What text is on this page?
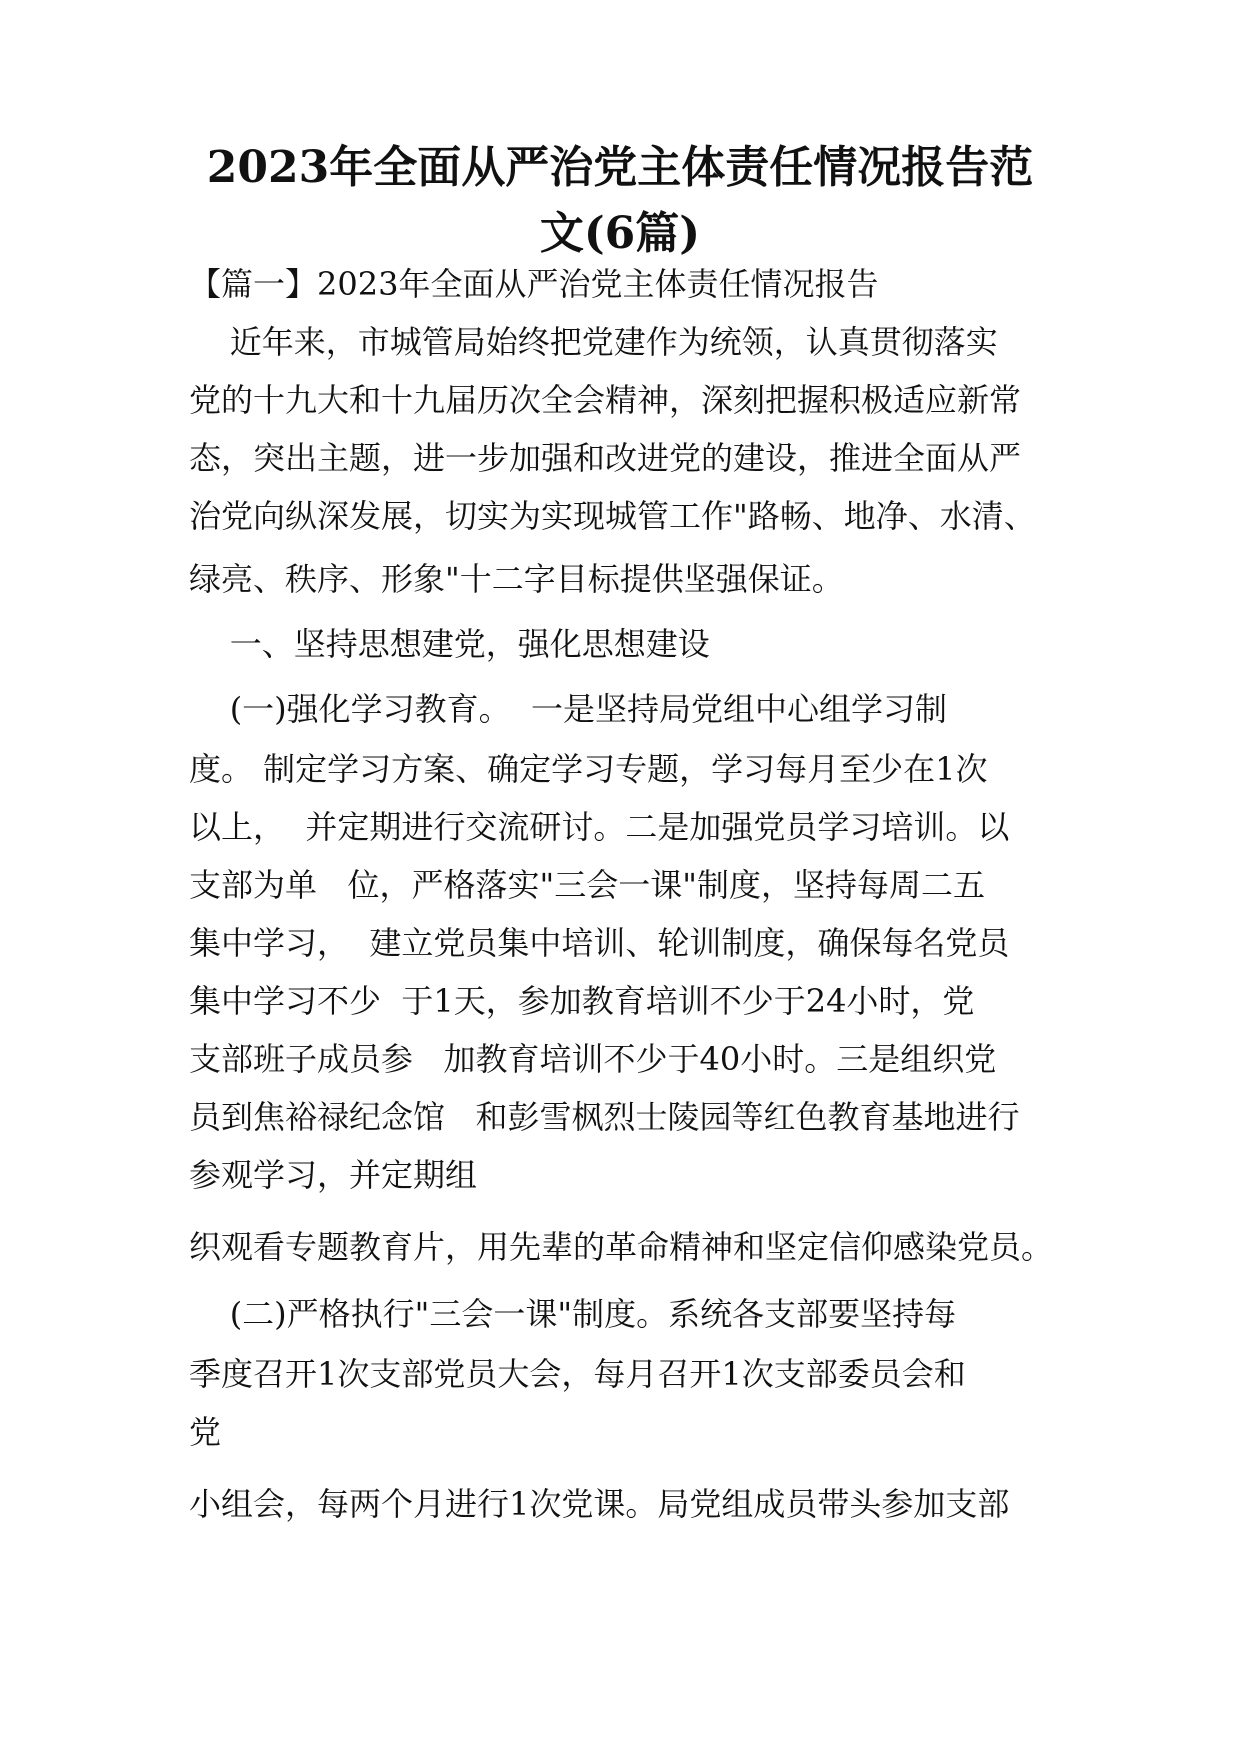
2023年全面从严治党主体责任情况报告范
文(6篇)
【篇一】2023年全面从严治党主体责任情况报告
近年来，市城管局始终把党建作为统领，认真贯彻落实
党的十九大和十九届历次全会精神，深刻把握积极适应新常
态，突出主题，进一步加强和改进党的建设，推进全面从严
治党向纵深发展，切实为实现城管工作"路畅、地净、水清、
绿亮、秩序、形象"十二字目标提供坚强保证。
一、坚持思想建党，强化思想建设
(一)强化学习教育。  一是坚持局党组中心组学习制
度。 制定学习方案、确定学习专题，学习每月至少在1次
以上，  并定期进行交流研讨。二是加强党员学习培训。以
支部为单   位，严格落实"三会一课"制度，坚持每周二五
集中学习，  建立党员集中培训、轮训制度，确保每名党员
集中学习不少  于1天，参加教育培训不少于24小时，党
支部班子成员参   加教育培训不少于40小时。三是组织党
员到焦裕禄纪念馆   和彭雪枫烈士陵园等红色教育基地进行
参观学习，并定期组
织观看专题教育片，用先辈的革命精神和坚定信仰感染党员。
(二)严格执行"三会一课"制度。系统各支部要坚持每
季度召开1次支部党员大会，每月召开1次支部委员会和
党
小组会，每两个月进行1次党课。局党组成员带头参加支部
